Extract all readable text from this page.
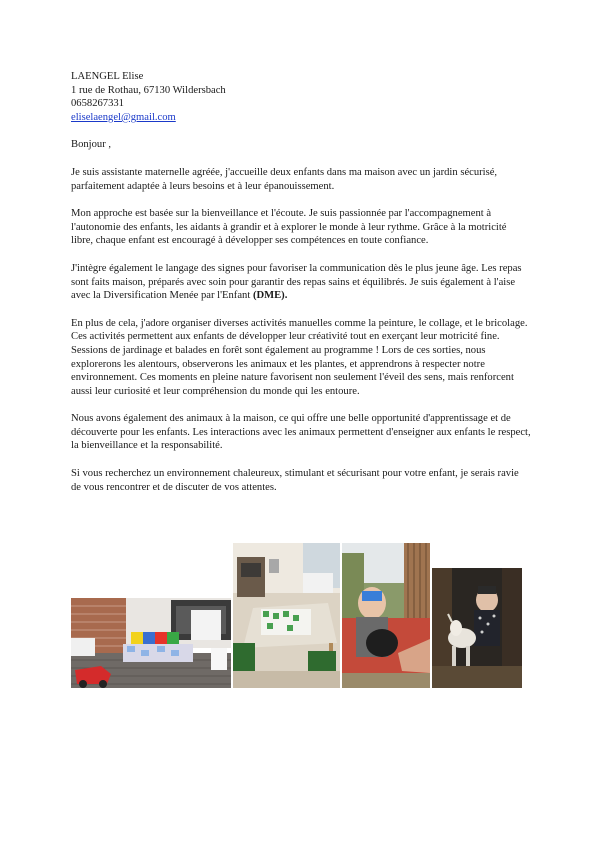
LAENGEL Elise

1 rue de Rothau, 67130 Wildersbach

0658267331

eliselaengel@gmail.com

Bonjour ,

Je suis assistante maternelle agréée, j'accueille deux enfants dans ma maison avec un jardin sécurisé, parfaitement adaptée à leurs besoins et à leur épanouissement.

Mon approche est basée sur la bienveillance et l'écoute. Je suis passionnée par l'accompagnement à l'autonomie des enfants, les aidants à grandir et à explorer le monde à leur rythme. Grâce à la motricité libre, chaque enfant est encouragé à développer ses compétences en toute confiance.

J'intègre également le langage des signes pour favoriser la communication dès le plus jeune âge. Les repas sont faits maison, préparés avec soin pour garantir des repas sains et équilibrés. Je suis également à l'aise avec la Diversification Menée par l'Enfant (DME).

En plus de cela, j'adore organiser diverses activités manuelles comme la peinture, le collage, et le bricolage. Ces activités permettent aux enfants de développer leur créativité tout en exerçant leur motricité fine. Sessions de jardinage et balades en forêt sont également au programme ! Lors de ces sorties, nous explorerons les alentours, observerons les animaux et les plantes, et apprendrons à respecter notre environnement. Ces moments en pleine nature favorisent non seulement l'éveil des sens, mais renforcent aussi leur curiosité et leur compréhension du monde qui les entoure.

Nous avons également des animaux à la maison, ce qui offre une belle opportunité d'apprentissage et de découverte pour les enfants. Les interactions avec les animaux permettent d'enseigner aux enfants le respect, la bienveillance et la responsabilité.

Si vous recherchez un environnement chaleureux, stimulant et sécurisant pour votre enfant, je serais ravie de vous rencontrer et de discuter de vos attentes.
